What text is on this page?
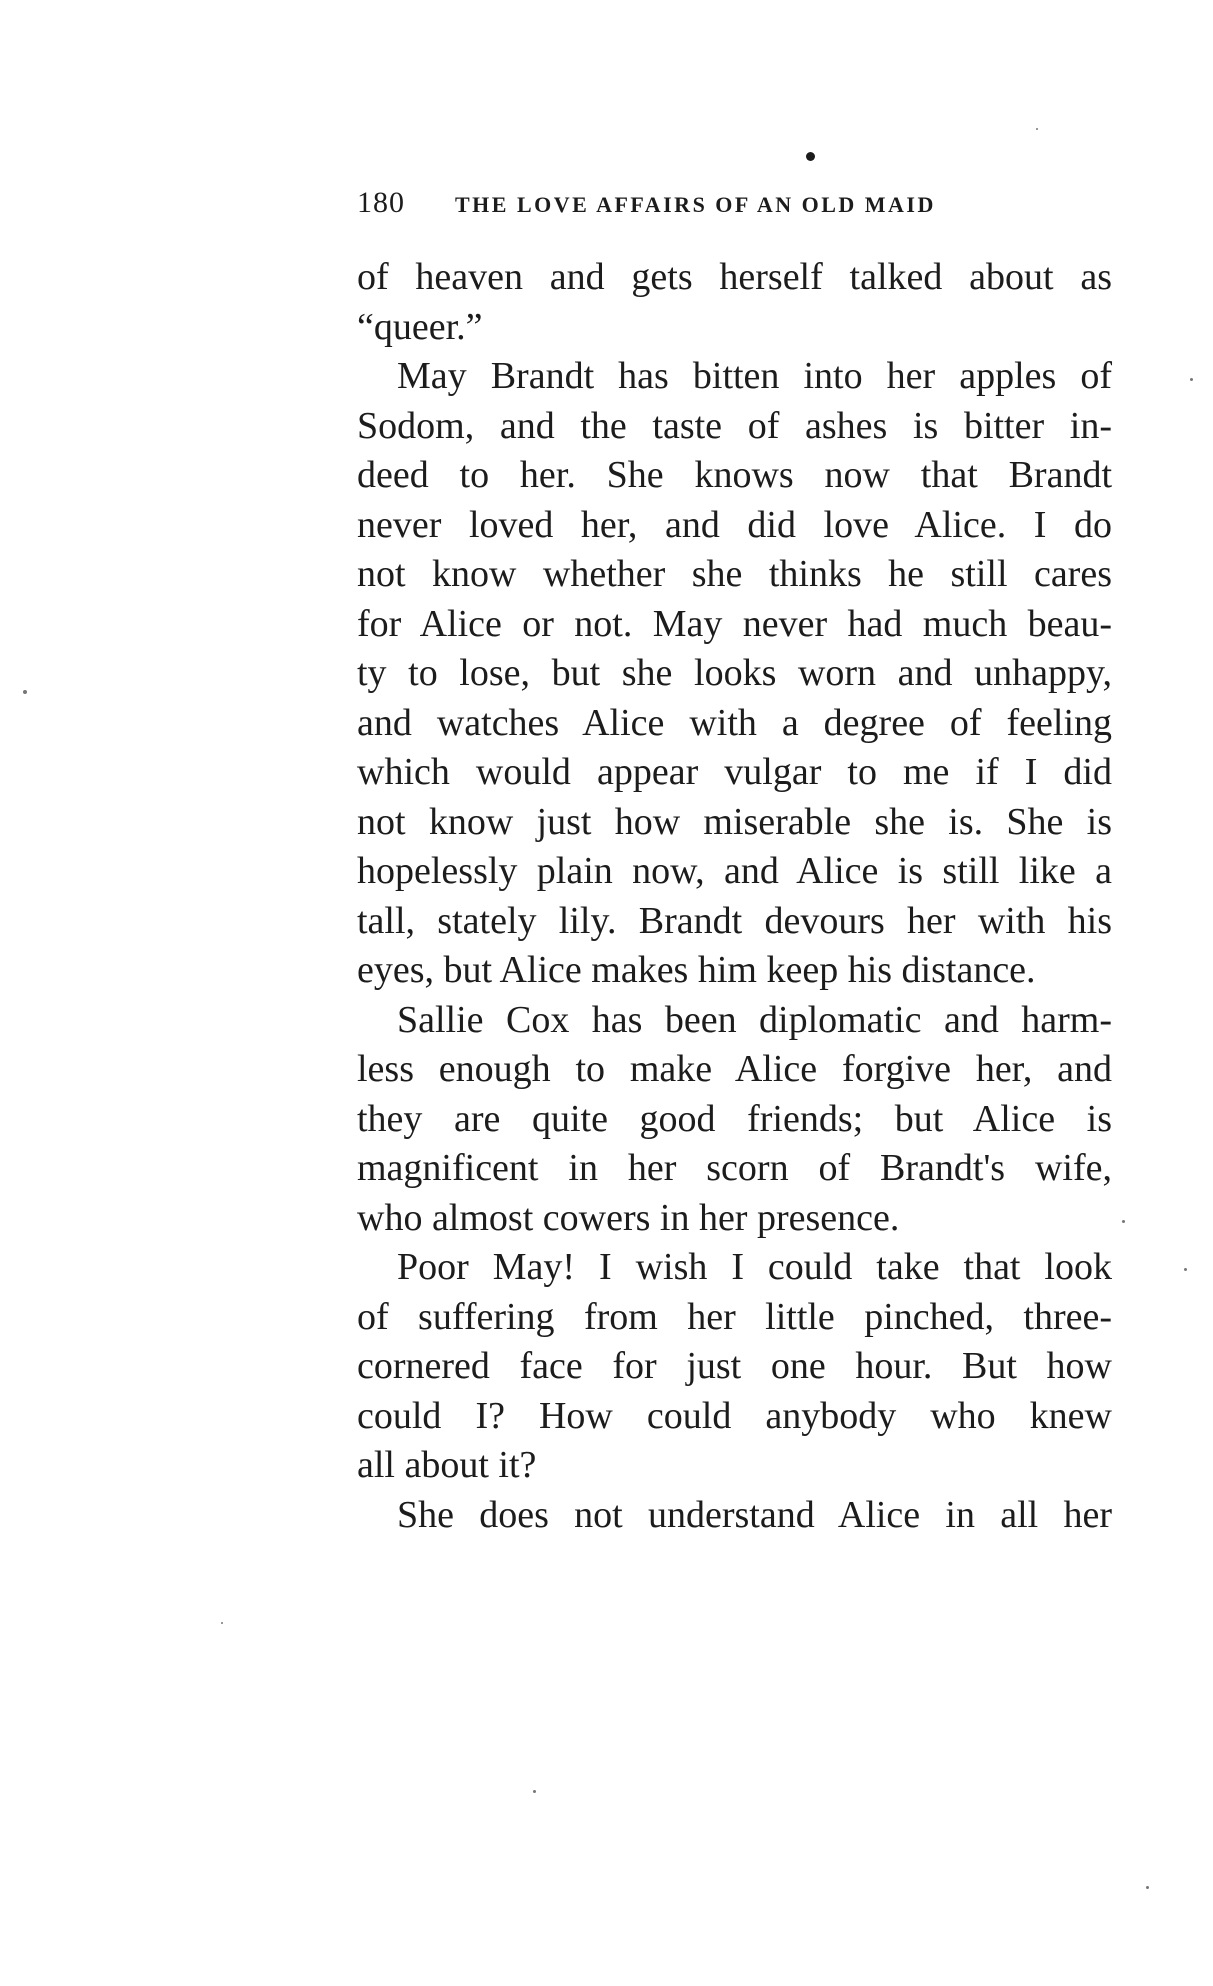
180 THE LOVE AFFAIRS OF AN OLD MAID
of heaven and gets herself talked about as
“queer.”
May Brandt has bitten into her apples of
Sodom, and the taste of ashes is bitter in-
deed to her. She knows now that Brandt
never loved her, and did love Alice. I do
not know whether she thinks he still cares
for Alice or not. May never had much beau-
ty to lose, but she looks worn and unhappy,
and watches Alice with a degree of feeling
which would appear vulgar to me if I did
not know just how miserable she is. She is
hopelessly plain now, and Alice is still like a
tall, stately lily. Brandt devours her with his
eyes, but Alice makes him keep his distance.
Sallie Cox has been diplomatic and harm-
less enough to make Alice forgive her, and
they are quite good friends; but Alice is
magnificent in her scorn of Brandt's wife,
who almost cowers in her presence.
Poor May! I wish I could take that look
of suffering from her little pinched, three-
cornered face for just one hour. But how
could I? How could anybody who knew
all about it?
She does not understand Alice in all her
